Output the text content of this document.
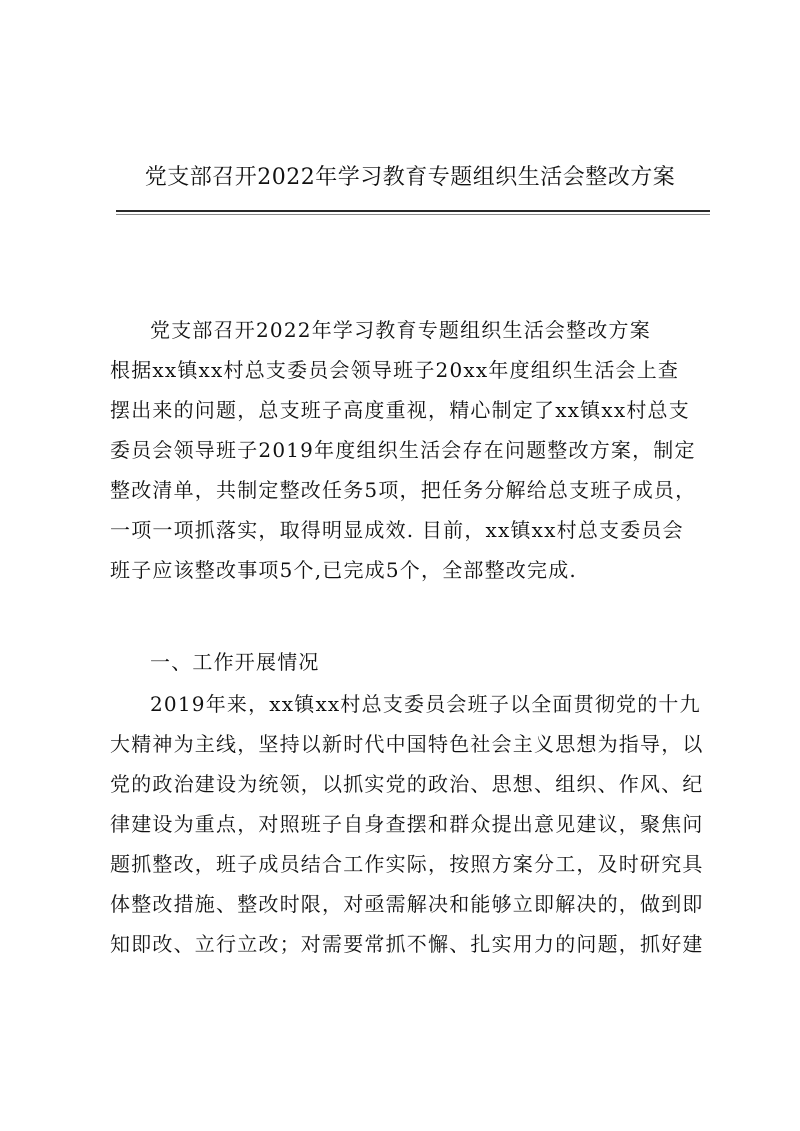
党支部召开2022年学习教育专题组织生活会整改方案
党支部召开2022年学习教育专题组织生活会整改方案
根据xx镇xx村总支委员会领导班子20xx年度组织生活会上查
摆出来的问题，总支班子高度重视，精心制定了xx镇xx村总支
委员会领导班子2019年度组织生活会存在问题整改方案，制定
整改清单，共制定整改任务5项，把任务分解给总支班子成员，
一项一项抓落实，取得明显成效. 目前，xx镇xx村总支委员会
班子应该整改事项5个,已完成5个，全部整改完成.
一、工作开展情况
2019年来，xx镇xx村总支委员会班子以全面贯彻党的十九
大精神为主线，坚持以新时代中国特色社会主义思想为指导，以
党的政治建设为统领，以抓实党的政治、思想、组织、作风、纪
律建设为重点，对照班子自身查摆和群众提出意见建议，聚焦问
题抓整改，班子成员结合工作实际，按照方案分工，及时研究具
体整改措施、整改时限，对亟需解决和能够立即解决的，做到即
知即改、立行立改；对需要常抓不懈、扎实用力的问题，抓好建
